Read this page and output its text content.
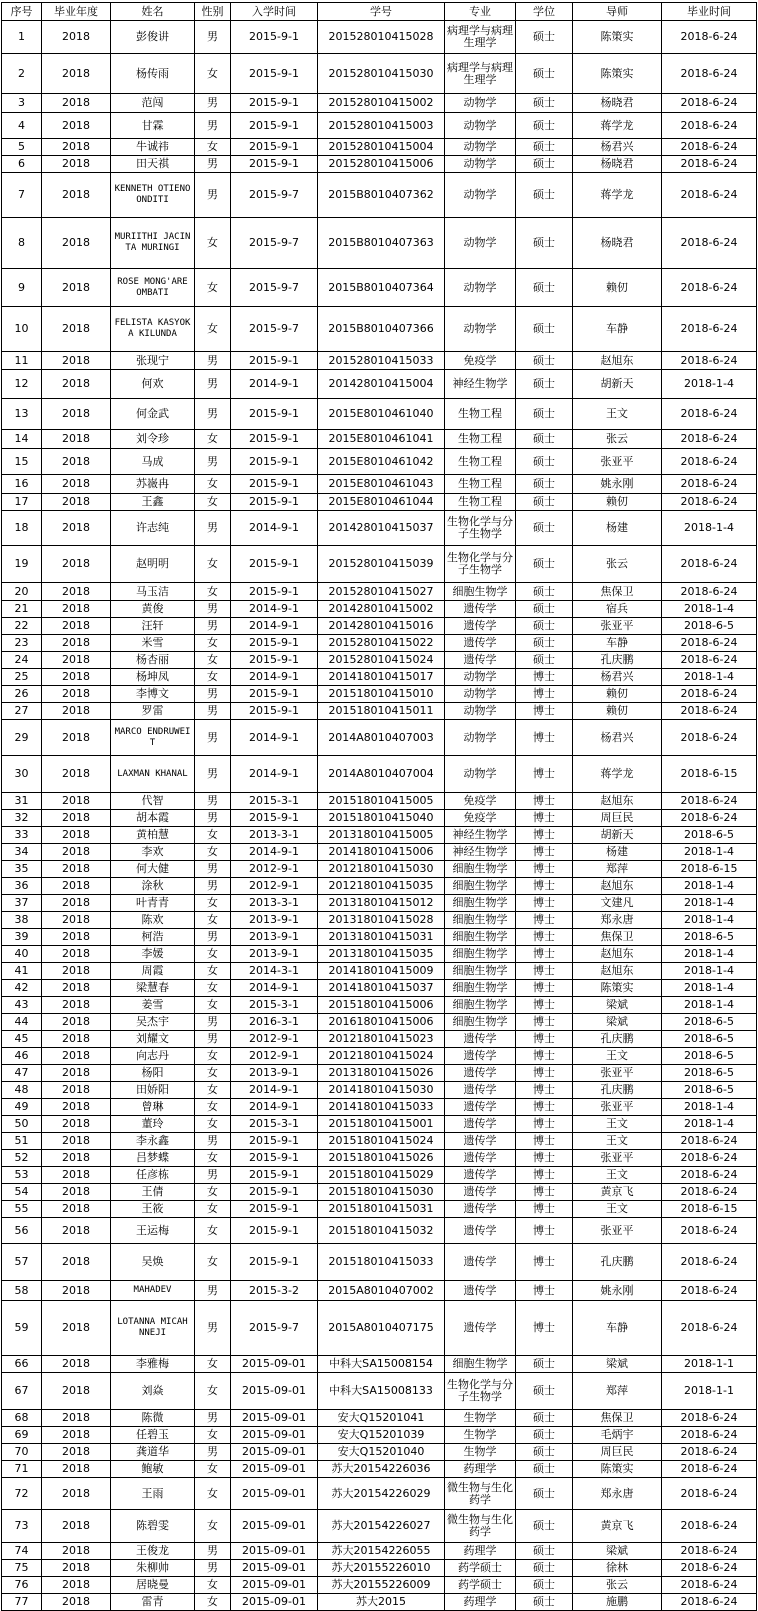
序号	毕业年度	姓名	性别	入学时间	学号	专业	学位	导师	毕业时间
1	2018	彭俊讲	男	2015-9-1	201528010415028	病理学与病理生理学	硕士	陈策实	2018-6-24
2	2018	杨传雨	女	2015-9-1	201528010415030	病理学与病理生理学	硕士	陈策实	2018-6-24
3	2018	范闯	男	2015-9-1	201528010415002	动物学	硕士	杨晓君	2018-6-24
4	2018	甘霖	男	2015-9-1	201528010415003	动物学	硕士	蒋学龙	2018-6-24
5	2018	牛诚祎	女	2015-9-1	201528010415004	动物学	硕士	杨君兴	2018-6-24
6	2018	田天祺	男	2015-9-1	201528010415006	动物学	硕士	杨晓君	2018-6-24
7	2018	KENNETH OTIENO ONDITI	男	2015-9-7	2015B8010407362	动物学	硕士	蒋学龙	2018-6-24
8	2018	MURIITHI JACINTA MURINGI	女	2015-9-7	2015B8010407363	动物学	硕士	杨晓君	2018-6-24
9	2018	ROSE MONG'ARE OMBATI	女	2015-9-7	2015B8010407364	动物学	硕士	赖仞	2018-6-24
10	2018	FELISTA KASYOKA KILUNDA	女	2015-9-7	2015B8010407366	动物学	硕士	车静	2018-6-24
11	2018	张现宁	男	2015-9-1	201528010415033	免疫学	硕士	赵旭东	2018-6-24
12	2018	何欢	男	2014-9-1	201428010415004	神经生物学	硕士	胡新天	2018-1-4
13	2018	何金武	男	2015-9-1	2015E8010461040	生物工程	硕士	王文	2018-6-24
14	2018	刘令珍	女	2015-9-1	2015E8010461041	生物工程	硕士	张云	2018-6-24
15	2018	马成	男	2015-9-1	2015E8010461042	生物工程	硕士	张亚平	2018-6-24
16	2018	苏嶶冉	女	2015-9-1	2015E8010461043	生物工程	硕士	姚永刚	2018-6-24
17	2018	王鑫	女	2015-9-1	2015E8010461044	生物工程	硕士	赖仞	2018-6-24
18	2018	许志纯	男	2014-9-1	201428010415037	生物化学与分子生物学	硕士	杨建	2018-1-4
19	2018	赵明明	女	2015-9-1	201528010415039	生物化学与分子生物学	硕士	张云	2018-6-24
20	2018	马玉洁	女	2015-9-1	201528010415027	细胞生物学	硕士	焦保卫	2018-6-24
21	2018	黄俊	男	2014-9-1	201428010415002	遗传学	硕士	宿兵	2018-1-4
22	2018	汪轩	男	2014-9-1	201428010415016	遗传学	硕士	张亚平	2018-6-5
23	2018	米雪	女	2015-9-1	201528010415022	遗传学	硕士	车静	2018-6-24
24	2018	杨杏丽	女	2015-9-1	201528010415024	遗传学	硕士	孔庆鹏	2018-6-24
25	2018	杨坤凤	女	2014-9-1	201418010415017	动物学	博士	杨君兴	2018-1-4
26	2018	李博文	男	2015-9-1	201518010415010	动物学	博士	赖仞	2018-6-24
27	2018	罗雷	男	2015-9-1	201518010415011	动物学	博士	赖仞	2018-6-24
29	2018	MARCO ENDRUWEIT	男	2014-9-1	2014A8010407003	动物学	博士	杨君兴	2018-6-24
30	2018	LAXMAN KHANAL	男	2014-9-1	2014A8010407004	动物学	博士	蒋学龙	2018-6-15
31	2018	代智	男	2015-3-1	201518010415005	免疫学	博士	赵旭东	2018-6-24
32	2018	胡本霞	男	2015-9-1	201518010415040	免疫学	博士	周巨民	2018-6-24
33	2018	黄柏慧	女	2013-3-1	201318010415005	神经生物学	博士	胡新天	2018-6-5
34	2018	李欢	女	2014-9-1	201418010415006	神经生物学	博士	杨建	2018-1-4
35	2018	何大健	男	2012-9-1	201218010415030	细胞生物学	博士	郑萍	2018-6-15
36	2018	涂秋	男	2012-9-1	201218010415035	细胞生物学	博士	赵旭东	2018-1-4
37	2018	叶青青	女	2013-3-1	201318010415012	细胞生物学	博士	文建凡	2018-1-4
38	2018	陈欢	女	2013-9-1	201318010415028	细胞生物学	博士	郑永唐	2018-1-4
39	2018	柯浩	男	2013-9-1	201318010415031	细胞生物学	博士	焦保卫	2018-6-5
40	2018	李媛	女	2013-9-1	201318010415035	细胞生物学	博士	赵旭东	2018-1-4
41	2018	周霞	女	2014-3-1	201418010415009	细胞生物学	博士	赵旭东	2018-1-4
42	2018	梁慧春	女	2014-9-1	201418010415037	细胞生物学	博士	陈策实	2018-1-4
43	2018	姜雪	女	2015-3-1	201518010415006	细胞生物学	博士	梁斌	2018-1-4
44	2018	吴杰宇	男	2016-3-1	201618010415006	细胞生物学	博士	梁斌	2018-6-5
45	2018	刘耀文	男	2012-9-1	201218010415023	遗传学	博士	孔庆鹏	2018-6-5
46	2018	向志丹	女	2012-9-1	201218010415024	遗传学	博士	王文	2018-6-5
47	2018	杨阳	女	2013-9-1	201318010415026	遗传学	博士	张亚平	2018-6-5
48	2018	田娇阳	女	2014-9-1	201418010415030	遗传学	博士	孔庆鹏	2018-6-5
49	2018	曾琳	女	2014-9-1	201418010415033	遗传学	博士	张亚平	2018-1-4
50	2018	董玲	女	2015-3-1	201518010415001	遗传学	博士	王文	2018-1-4
51	2018	李永鑫	男	2015-9-1	201518010415024	遗传学	博士	王文	2018-6-24
52	2018	吕梦蝶	女	2015-9-1	201518010415026	遗传学	博士	张亚平	2018-6-24
53	2018	任彦栋	男	2015-9-1	201518010415029	遗传学	博士	王文	2018-6-24
54	2018	王倩	女	2015-9-1	201518010415030	遗传学	博士	黄京飞	2018-6-24
55	2018	王筱	女	2015-9-1	201518010415031	遗传学	博士	王文	2018-6-15
56	2018	王运梅	女	2015-9-1	201518010415032	遗传学	博士	张亚平	2018-6-24
57	2018	吴焕	女	2015-9-1	201518010415033	遗传学	博士	孔庆鹏	2018-6-24
58	2018	MAHADEV	男	2015-3-2	2015A8010407002	遗传学	博士	姚永刚	2018-6-24
59	2018	LOTANNA MICAH NNEJI	男	2015-9-7	2015A8010407175	遗传学	博士	车静	2018-6-24
66	2018	李雅梅	女	2015-09-01	中科大SA15008154	细胞生物学	硕士	梁斌	2018-1-1
67	2018	刘焱	女	2015-09-01	中科大SA15008133	生物化学与分子生物学	硕士	郑萍	2018-1-1
68	2018	陈微	男	2015-09-01	安大Q15201041	生物学	硕士	焦保卫	2018-6-24
69	2018	任碧玉	女	2015-09-01	安大Q15201039	生物学	硕士	毛炳宇	2018-6-24
70	2018	龚道华	男	2015-09-01	安大Q15201040	生物学	硕士	周巨民	2018-6-24
71	2018	鲍敏	女	2015-09-01	苏大20154226036	药理学	硕士	陈策实	2018-6-24
72	2018	王雨	女	2015-09-01	苏大20154226029	微生物与生化药学	硕士	郑永唐	2018-6-24
73	2018	陈碧雯	女	2015-09-01	苏大20154226027	微生物与生化药学	硕士	黄京飞	2018-6-24
74	2018	王俊龙	男	2015-09-01	苏大20154226055	药理学	硕士	梁斌	2018-6-24
75	2018	朱柳帅	男	2015-09-01	苏大20155226010	药学硕士	硕士	徐林	2018-6-24
76	2018	居晓曼	女	2015-09-01	苏大20155226009	药学硕士	硕士	张云	2018-6-24
77	2018	雷青	女	2015-09-01	苏大2015	药理学	硕士	施鹏	2018-6-24
